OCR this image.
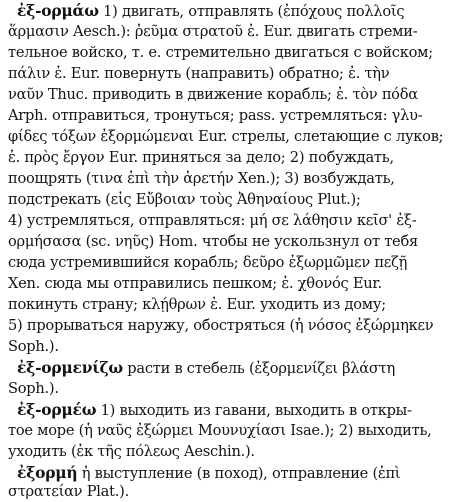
ἐξ-ορμάω 1) двигать, отправлять (ἐπόχους πολλοῖς
ἅρμασιν Aesch.): ῥεῦμα στρατοῦ ἐ. Eur. двигать стреми-
тельное войско, т. е. стремительно двигаться с войском;
πάλιν ἐ. Eur. повернуть (направить) обратно; ἐ. τὴν
ναῦν Thuc. приводить в движение корабль; ἐ. τὸν πόδα
Arph. отправиться, тронуться; pass. устремляться: γλυ-
φίδες τόξων ἐξορμώμεναι Eur. стрелы, слетающие с луков;
ἐ. πρὸς ἔργον Eur. приняться за дело; 2) побуждать,
поощрять (τινα ἐπὶ τὴν ἀρετήν Xen.); 3) возбуждать,
подстрекать (εἰς Εὔβοιαν τοὺς Ἀθηναίους Plut.);
4) устремляться, отправляться: μή σε λάθησιν κεῖσ' ἐξ-
ορμήσασα (sc. νηῦς) Hom. чтобы не ускользнул от тебя
сюда устремившийся корабль; δεῦρο ἐξωρμῶμεν πεζῇ
Xen. сюда мы отправились пешком; ἐ. χθονός Eur.
покинуть страну; κλῄθρων ἐ. Eur. уходить из дому;
5) прорываться наружу, обостряться (ἡ νόσος ἐξώρμηκεν
Soph.).
ἐξ-ορμενίζω расти в стебель (ἐξορμενίζει βλάστη
Soph.).
ἐξ-ορμέω 1) выходить из гавани, выходить в откры-
тое море (ἡ ναῦς ἐξώρμει Μουνυχίασι Isae.); 2) выходить,
уходить (ἐκ τῆς πόλεως Aeschin.).
ἐξορμή ἡ выступление (в поход), отправление (ἐπὶ
στρατείαν Plat.).
